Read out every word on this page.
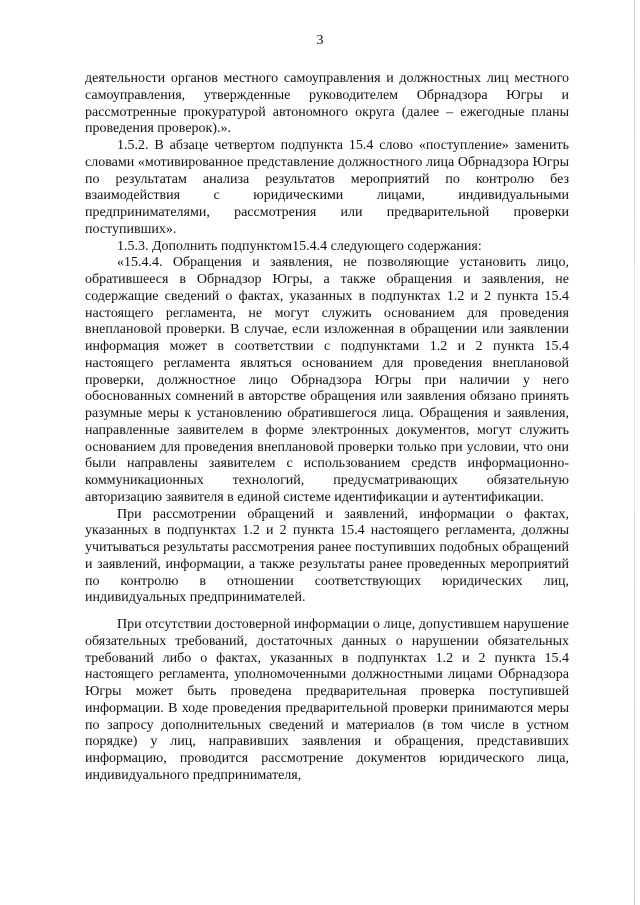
3

деятельности органов местного самоуправления и должностных лиц местного самоуправления, утвержденные руководителем Обрнадзора Югры и рассмотренные прокуратурой автономного округа (далее – ежегодные планы проведения проверок).».

1.5.2. В абзаце четвертом подпункта 15.4 слово «поступление» заменить словами «мотивированное представление должностного лица Обрнадзора Югры по результатам анализа результатов мероприятий по контролю без взаимодействия с юридическими лицами, индивидуальными предпринимателями, рассмотрения или предварительной проверки поступивших».

1.5.3. Дополнить подпунктом15.4.4 следующего содержания:

«15.4.4. Обращения и заявления, не позволяющие установить лицо, обратившееся в Обрнадзор Югры, а также обращения и заявления, не содержащие сведений о фактах, указанных в подпунктах 1.2 и 2 пункта 15.4 настоящего регламента, не могут служить основанием для проведения внеплановой проверки. В случае, если изложенная в обращении или заявлении информация может в соответствии с подпунктами 1.2 и 2 пункта 15.4 настоящего регламента являться основанием для проведения внеплановой проверки, должностное лицо Обрнадзора Югры при наличии у него обоснованных сомнений в авторстве обращения или заявления обязано принять разумные меры к установлению обратившегося лица. Обращения и заявления, направленные заявителем в форме электронных документов, могут служить основанием для проведения внеплановой проверки только при условии, что они были направлены заявителем с использованием средств информационно-коммуникационных технологий, предусматривающих обязательную авторизацию заявителя в единой системе идентификации и аутентификации.

При рассмотрении обращений и заявлений, информации о фактах, указанных в подпунктах 1.2 и 2 пункта 15.4 настоящего регламента, должны учитываться результаты рассмотрения ранее поступивших подобных обращений и заявлений, информации, а также результаты ранее проведенных мероприятий по контролю в отношении соответствующих юридических лиц, индивидуальных предпринимателей.

При отсутствии достоверной информации о лице, допустившем нарушение обязательных требований, достаточных данных о нарушении обязательных требований либо о фактах, указанных в подпунктах 1.2 и 2 пункта 15.4 настоящего регламента, уполномоченными должностными лицами Обрнадзора Югры может быть проведена предварительная проверка поступившей информации. В ходе проведения предварительной проверки принимаются меры по запросу дополнительных сведений и материалов (в том числе в устном порядке) у лиц, направивших заявления и обращения, представивших информацию, проводится рассмотрение документов юридического лица, индивидуального предпринимателя,
